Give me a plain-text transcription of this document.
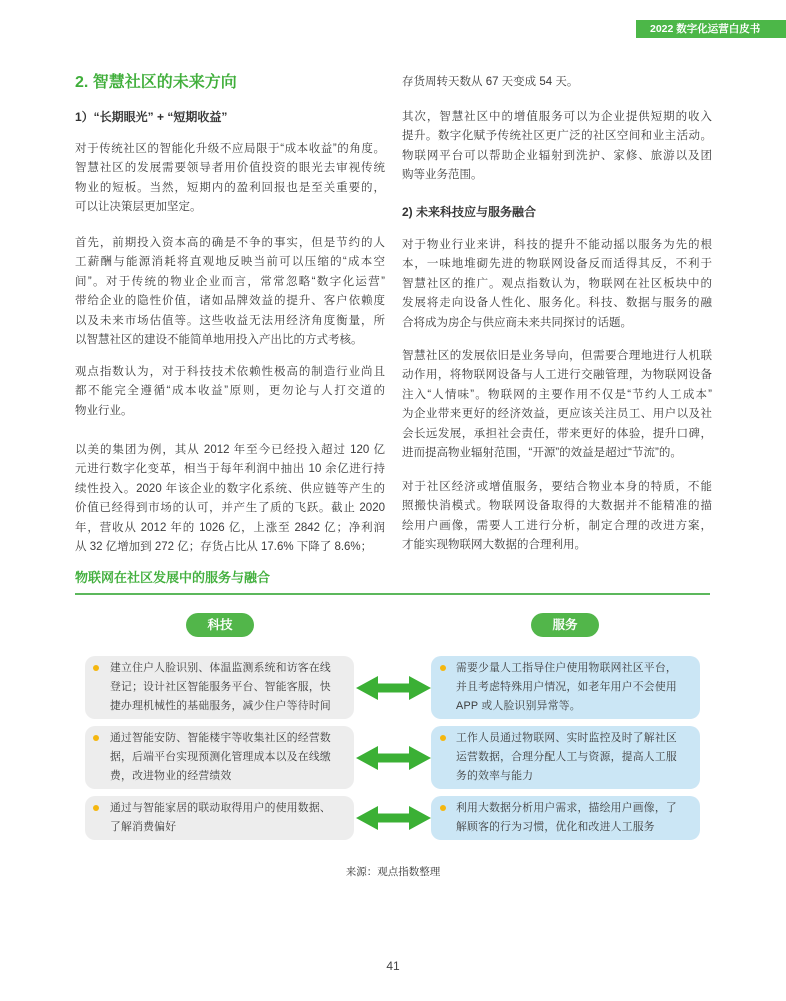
2022 数字化运营白皮书
2. 智慧社区的未来方向
1）“长期眼光” + “短期收益”
对于传统社区的智能化升级不应局限于“成本收益”的角度。
智慧社区的发展需要领导者用价值投资的眼光去审视传统
物业的短板。当然，短期内的盈利回报也是至关重要的，
可以让决策层更加坚定。
首先，前期投入资本高的确是不争的事实，但是节约的人
工薪酬与能源消耗将直观地反映当前可以压缩的“成本空
间”。对于传统的物业企业而言，常常忽略“数字化运营”
带给企业的隐性价值，诸如品牌效益的提升、客户依赖度
以及未来市场估值等。这些收益无法用经济角度衡量，所
以智慧社区的建设不能简单地用投入产出比的方式考核。
观点指数认为，对于科技技术依赖性极高的制造行业尚且
都不能完全遵循“成本收益”原则，更勿论与人打交道的
物业行业。
以美的集团为例，其从 2012 年至今已经投入超过 120 亿
元进行数字化变革，相当于每年利润中抽出 10 余亿进行持
续性投入。2020 年该企业的数字化系统、供应链等产生的
价值已经得到市场的认可，并产生了质的飞跃。截止 2020
年，营收从 2012 年的 1026 亿，上涨至 2842 亿；净利润
从 32 亿增加到 272 亿；存货占比从 17.6% 下降了 8.6%；
存货周转天数从 67 天变成 54 天。
其次，智慧社区中的增值服务可以为企业提供短期的收入
提升。数字化赋予传统社区更广泛的社区空间和业主活动。
物联网平台可以帮助企业辐射到洗护、家修、旅游以及团
购等业务范围。
2) 未来科技应与服务融合
对于物业行业来讲，科技的提升不能动摇以服务为先的根
本，一味地堆砌先进的物联网设备反而适得其反，不利于
智慧社区的推广。观点指数认为，物联网在社区板块中的
发展将走向设备人性化、服务化。科技、数据与服务的融
合将成为房企与供应商未来共同探讨的话题。
智慧社区的发展依旧是业务导向，但需要合理地进行人机联
动作用，将物联网设备与人工进行交融管理，为物联网设备
注入“人情味”。物联网的主要作用不仅是“节约人工成本”
为企业带来更好的经济效益，更应该关注员工、用户以及社
会长远发展，承担社会责任，带来更好的体验，提升口碑，
进而提高物业辐射范围，“开源”的效益是超过“节流”的。
对于社区经济或增值服务，要结合物业本身的特质，不能
照搬快消模式。物联网设备取得的大数据并不能精准的描
绘用户画像，需要人工进行分析，制定合理的改进方案，
才能实现物联网大数据的合理利用。
物联网在社区发展中的服务与融合
科技	服务
建立住户人脸识别、体温监测系统和访客在线
登记；设计社区智能服务平台、智能客服，快
捷办理机械性的基础服务，减少住户等待时间
通过智能安防、智能楼宇等收集社区的经营数
据，后端平台实现预测化管理成本以及在线缴
费，改进物业的经营绩效
通过与智能家居的联动取得用户的使用数据、
了解消费偏好
需要少量人工指导住户使用物联网社区平台，
并且考虑特殊用户情况，如老年用户不会使用
APP 或人脸识别异常等。
工作人员通过物联网、实时监控及时了解社区
运营数据，合理分配人工与资源，提高人工服
务的效率与能力
利用大数据分析用户需求，描绘用户画像，了
解顾客的行为习惯，优化和改进人工服务
来源：观点指数整理
41
